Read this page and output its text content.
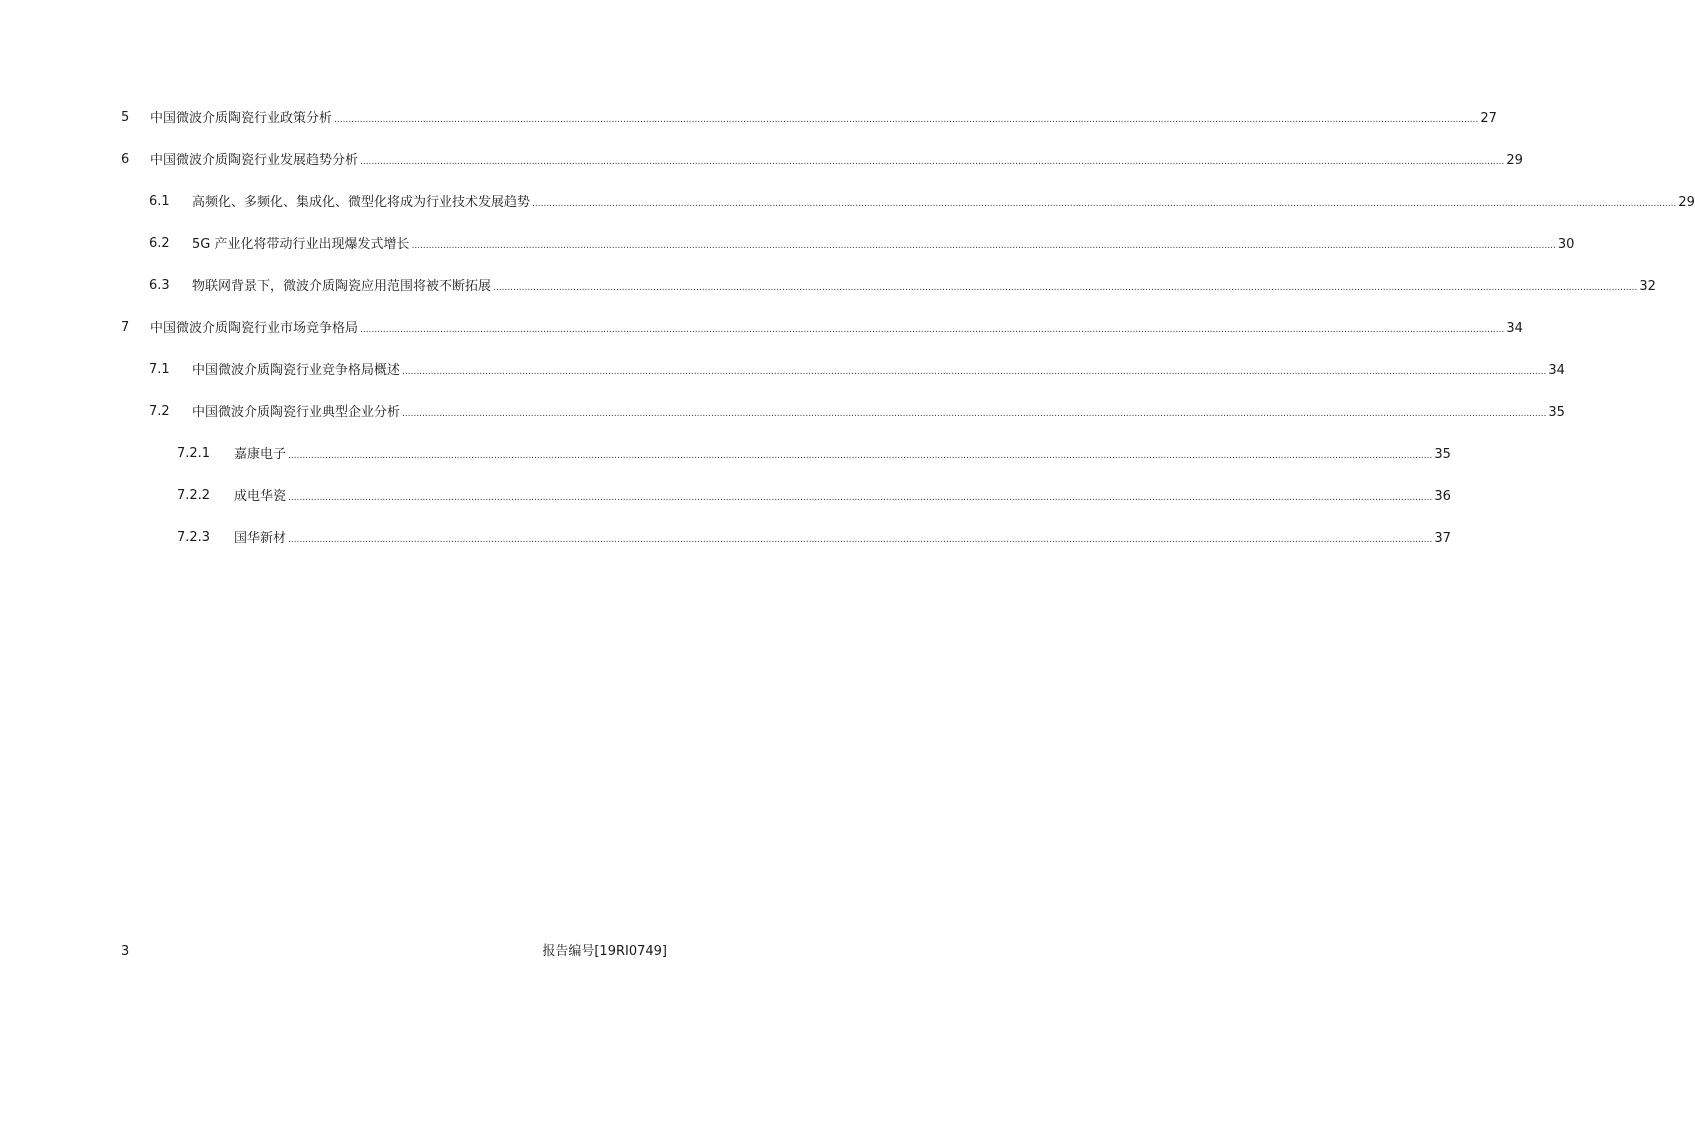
5 中国微波介质陶瓷行业政策分析 ................................................................................................................................................................................................................................................................................................................................................................................................................ 27
6 中国微波介质陶瓷行业发展趋势分析 ................................................................................................................................................................................................................................................................................................................................................................................................................ 29
6.1 高频化、多频化、集成化、微型化将成为行业技术发展趋势 ................................................................................................................................................................................................................................................................................................................................................................................................................ 29
6.2 5G 产业化将带动行业出现爆发式增长 ................................................................................................................................................................................................................................................................................................................................................................................................................ 30
6.3 物联网背景下，微波介质陶瓷应用范围将被不断拓展 ................................................................................................................................................................................................................................................................................................................................................................................................................ 32
7 中国微波介质陶瓷行业市场竞争格局 ................................................................................................................................................................................................................................................................................................................................................................................................................ 34
7.1 中国微波介质陶瓷行业竞争格局概述 ................................................................................................................................................................................................................................................................................................................................................................................................................ 34
7.2 中国微波介质陶瓷行业典型企业分析 ................................................................................................................................................................................................................................................................................................................................................................................................................ 35
7.2.1 嘉康电子 ................................................................................................................................................................................................................................................................................................................................................................................................................ 35
7.2.2 成电华瓷 ................................................................................................................................................................................................................................................................................................................................................................................................................ 36
7.2.3 国华新材 ................................................................................................................................................................................................................................................................................................................................................................................................................ 37
3	报告编号[19RI0749]
